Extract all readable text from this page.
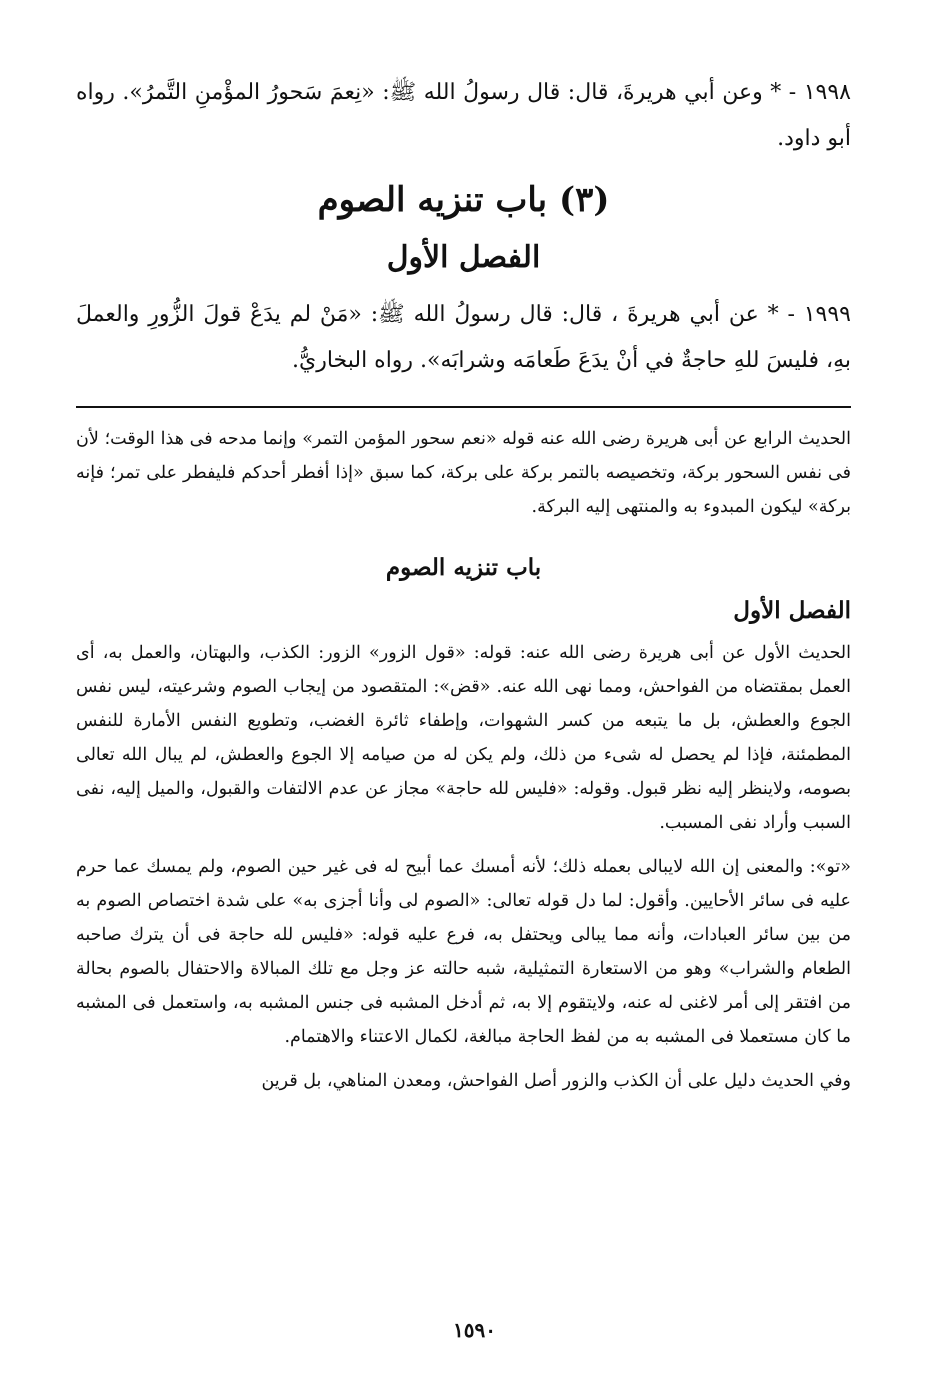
١٩٩٨ - * وعن أبي هريرةَ، قال: قال رسولُ الله ﷺ: «نِعمَ سَحورُ المؤْمنِ التَّمرُ». رواه أبو داود.

(٣) باب تنزيه الصوم
الفصل الأول

١٩٩٩ - * عن أبي هريرةَ ، قال: قال رسولُ الله ﷺ: «مَنْ لم يدَعْ قولَ الزُّورِ والعملَ بهِ، فليسَ للهِ حاجةٌ في أنْ يدَعَ طَعامَه وشرابَه». رواه البخاريُّ.

الحديث الرابع عن أبى هريرة رضى الله عنه قوله «نعم سحور المؤمن التمر» وإنما مدحه فى هذا الوقت؛ لأن فى نفس السحور بركة، وتخصيصه بالتمر بركة على بركة، كما سبق «إذا أفطر أحدكم فليفطر على تمر؛ فإنه بركة» ليكون المبدوء به والمنتهى إليه البركة.

باب تنزيه الصوم
الفصل الأول

الحديث الأول عن أبى هريرة رضى الله عنه: قوله: «قول الزور» الزور: الكذب، والبهتان، والعمل به، أى العمل بمقتضاه من الفواحش، ومما نهى الله عنه. «قض»: المتقصود من إيجاب الصوم وشرعيته، ليس نفس الجوع والعطش، بل ما يتبعه من كسر الشهوات، وإطفاء ثائرة الغضب، وتطويع النفس الأمارة للنفس المطمئنة، فإذا لم يحصل له شىء من ذلك، ولم يكن له من صيامه إلا الجوع والعطش، لم يبال الله تعالى بصومه، ولاينظر إليه نظر قبول. وقوله: «فليس لله حاجة» مجاز عن عدم الالتفات والقبول، والميل إليه، نفى السبب وأراد نفى المسبب.

«تو»: والمعنى إن الله لايبالى بعمله ذلك؛ لأنه أمسك عما أبيح له فى غير حين الصوم، ولم يمسك عما حرم عليه فى سائر الأحايين. وأقول: لما دل قوله تعالى: «الصوم لى وأنا أجزى به» على شدة اختصاص الصوم به من بين سائر العبادات، وأنه مما يبالى ويحتفل به، فرع عليه قوله: «فليس لله حاجة فى أن يترك صاحبه الطعام والشراب» وهو من الاستعارة التمثيلية، شبه حالته عز وجل مع تلك المبالاة والاحتفال بالصوم بحالة من افتقر إلى أمر لاغنى له عنه، ولايتقوم إلا به، ثم أدخل المشبه فى جنس المشبه به، واستعمل فى المشبه ما كان مستعملا فى المشبه به من لفظ الحاجة مبالغة، لكمال الاعتناء والاهتمام.

وفي الحديث دليل على أن الكذب والزور أصل الفواحش، ومعدن المناهي، بل قرين

١٥٩٠
